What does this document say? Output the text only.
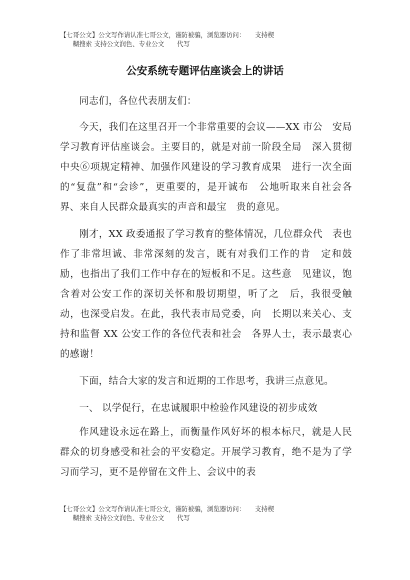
【七哥公文】公文写作请认准七哥公文，谨防被骗，浏览器访问：　　支持楔
　　糊搜索 支持公文润色、专业公文　　代写
公安系统专题评估座谈会上的讲话

同志们，各位代表朋友们：

今天，我们在这里召开一个非常重要的会议——XX 市公　安局学习教育评估座谈会。主要目的，就是对前一阶段全局　深入贯彻中央⑥项规定精神、加强作风建设的学习教育成果　进行一次全面的“复盘”和“会诊”，更重要的，是开诚布　公地听取来自社会各界、来自人民群众最真实的声音和最宝　贵的意见。

刚才，XX 政委通报了学习教育的整体情况，几位群众代　表也作了非常坦诚、非常深刻的发言，既有对我们工作的肯　定和鼓励，也指出了我们工作中存在的短板和不足。这些意　见建议，饱含着对公安工作的深切关怀和殷切期望，听了之　后，我很受触动，也深受启发。在此，我代表市局党委，向　长期以来关心、支持和监督 XX 公安工作的各位代表和社会　各界人士，表示最衷心的感谢！

下面，结合大家的发言和近期的工作思考，我讲三点意见。

一、 以学促行，在忠诚履职中检验作风建设的初步成效

作风建设永远在路上，而衡量作风好坏的根本标尺，就是人民群众的切身感受和社会的平安稳定。开展学习教育，绝不是为了学习而学习，更不是停留在文件上、会议中的表

【七哥公文】公文写作请认准七哥公文，谨防被骗，浏览器访问：　　支持楔
　　糊搜索 支持公文润色、专业公文　　代写
